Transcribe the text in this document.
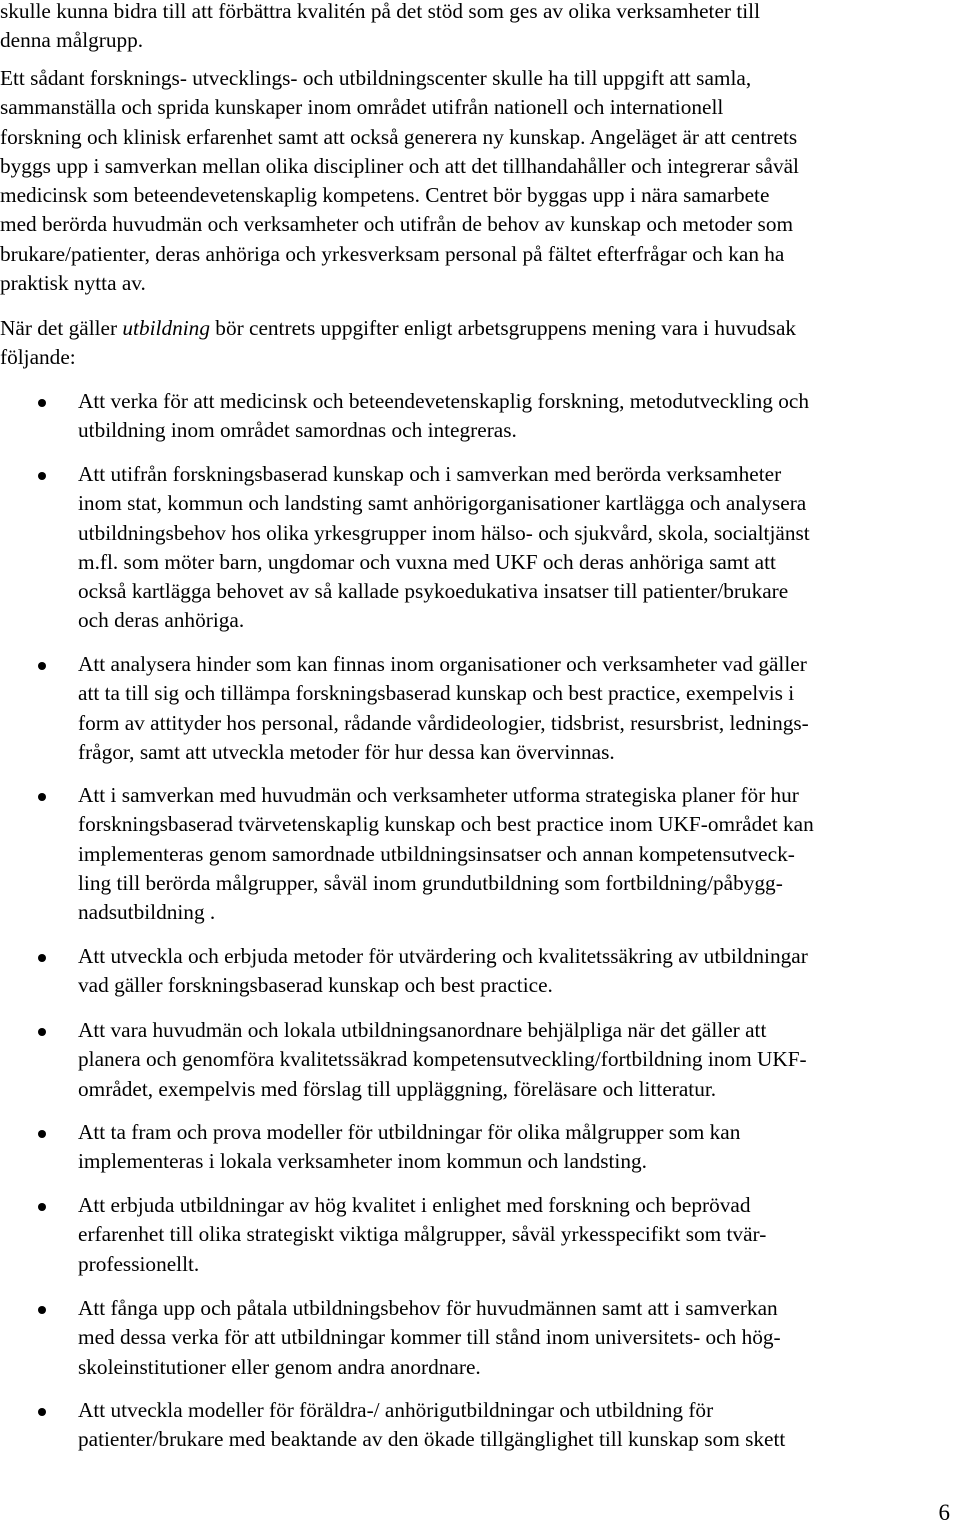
skulle kunna bidra till att förbättra kvalitén på det stöd som ges av olika verksamheter till
denna målgrupp.
Ett sådant forsknings- utvecklings- och utbildningscenter skulle ha till uppgift att samla,
sammanställa och sprida kunskaper inom området utifrån nationell och internationell
forskning och klinisk erfarenhet samt att också generera ny kunskap. Angeläget är att centrets
byggs upp i samverkan mellan olika discipliner och att det tillhandahåller och integrerar såväl
medicinsk som beteendevetenskaplig kompetens. Centret bör byggas upp i nära samarbete
med berörda huvudmän och verksamheter och utifrån de behov av kunskap och metoder som
brukare/patienter, deras anhöriga och yrkesverksam personal på fältet efterfrågar och kan ha
praktisk nytta av.
När det gäller utbildning bör centrets uppgifter enligt arbetsgruppens mening vara i huvudsak
följande:
Att verka för att medicinsk och beteendevetenskaplig forskning, metodutveckling och
utbildning inom området samordnas och integreras.
Att utifrån forskningsbaserad kunskap och i samverkan med berörda verksamheter
inom stat, kommun och landsting samt anhörigorganisationer kartlägga och analysera
utbildningsbehov hos olika yrkesgrupper inom hälso- och sjukvård, skola, socialtjänst
m.fl. som möter barn, ungdomar och vuxna med UKF och deras anhöriga samt att
också kartlägga behovet av så kallade psykoedukativa insatser till patienter/brukare
och deras anhöriga.
Att analysera hinder som kan finnas inom organisationer och verksamheter vad gäller
att ta till sig och tillämpa forskningsbaserad kunskap och best practice, exempelvis i
form av attityder hos personal, rådande vårdideologier, tidsbrist, resursbrist, lednings-
frågor, samt att utveckla metoder för hur dessa kan övervinnas.
Att i samverkan med huvudmän och verksamheter utforma strategiska planer för hur
forskningsbaserad tvärvetenskaplig kunskap och best practice inom UKF-området kan
implementeras genom samordnade utbildningsinsatser och annan kompetensutveck-
ling till berörda målgrupper, såväl inom grundutbildning som fortbildning/påbygg-
nadsutbildning .
Att utveckla och erbjuda metoder för utvärdering och kvalitetssäkring av utbildningar
vad gäller forskningsbaserad kunskap och best practice.
Att vara huvudmän och lokala utbildningsanordnare behjälpliga när det gäller att
planera och genomföra kvalitetssäkrad kompetensutveckling/fortbildning inom UKF-
området, exempelvis med förslag till uppläggning, föreläsare och litteratur.
Att ta fram och prova modeller för utbildningar för olika målgrupper som kan
implementeras i lokala verksamheter inom kommun och landsting.
Att erbjuda utbildningar av hög kvalitet i enlighet med forskning och beprövad
erfarenhet till olika strategiskt viktiga målgrupper, såväl yrkesspecifikt som tvär-
professionellt.
Att fånga upp och påtala utbildningsbehov för huvudmännen samt att i samverkan
med dessa verka för att utbildningar kommer till stånd inom universitets- och hög-
skoleinstitutioner eller genom andra anordnare.
Att utveckla modeller för föräldra-/ anhörigutbildningar och utbildning för
patienter/brukare med beaktande av den ökade tillgänglighet till kunskap som skett
6
